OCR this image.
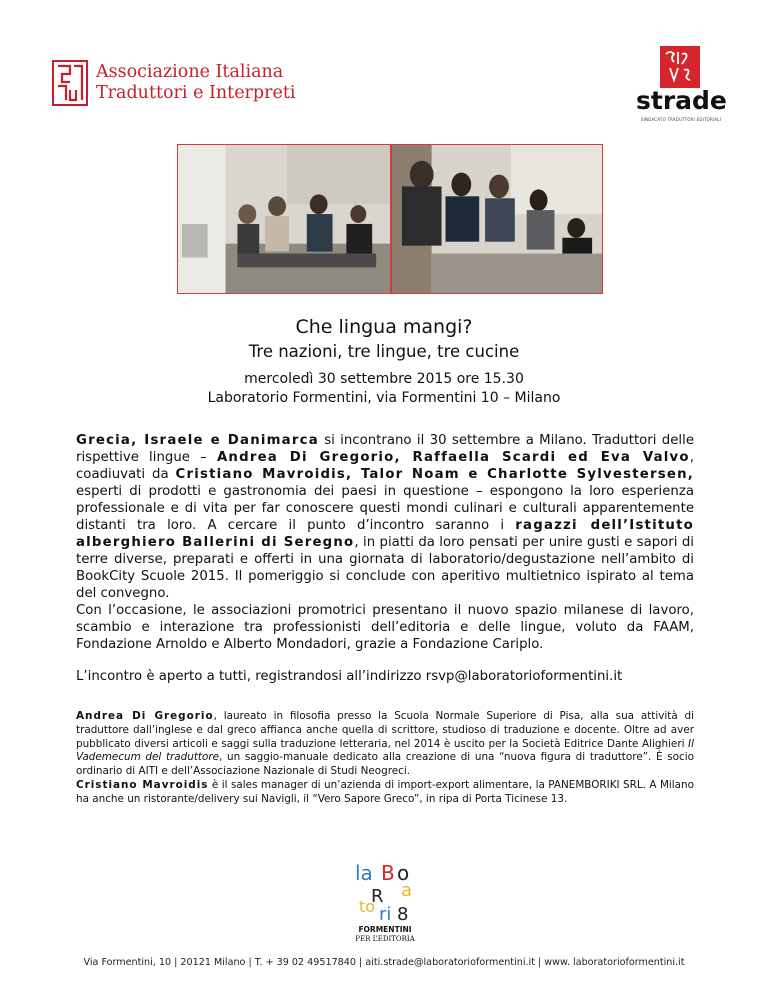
Associazione Italiana
Traduttori e Interpreti	strade
SINDACATO TRADUTTORI EDITORIALI
Che lingua mangi?
Tre nazioni, tre lingue, tre cucine
mercoledì 30 settembre 2015 ore 15.30
Laboratorio Formentini, via Formentini 10 – Milano

Grecia, Israele e Danimarca si incontrano il 30 settembre a Milano. Traduttori delle rispettive lingue – Andrea Di Gregorio, Raffaella Scardi ed Eva Valvo, coadiuvati da Cristiano Mavroidis, Talor Noam e Charlotte Sylvestersen, esperti di prodotti e gastronomia dei paesi in questione – espongono la loro esperienza professionale e di vita per far conoscere questi mondi culinari e culturali apparentemente distanti tra loro. A cercare il punto d’incontro saranno i ragazzi dell’Istituto alberghiero Ballerini di Seregno, in piatti da loro pensati per unire gusti e sapori di terre diverse, preparati e offerti in una giornata di laboratorio/degustazione nell’ambito di BookCity Scuole 2015. Il pomeriggio si conclude con aperitivo multietnico ispirato al tema del convegno.

Con l’occasione, le associazioni promotrici presentano il nuovo spazio milanese di lavoro, scambio e interazione tra professionisti dell’editoria e delle lingue, voluto da FAAM, Fondazione Arnoldo e Alberto Mondadori, grazie a Fondazione Cariplo.

L’incontro è aperto a tutti, registrandosi all’indirizzo rsvp@laboratorioformentini.it

Andrea Di Gregorio, laureato in filosofia presso la Scuola Normale Superiore di Pisa, alla sua attività di traduttore dall’inglese e dal greco affianca anche quella di scrittore, studioso di traduzione e docente. Oltre ad aver pubblicato diversi articoli e saggi sulla traduzione letteraria, nel 2014 è uscito per la Società Editrice Dante Alighieri Il Vademecum del traduttore, un saggio-manuale dedicato alla creazione di una “nuova figura di traduttore”. È socio ordinario di AITI e dell’Associazione Nazionale di Studi Neogreci.

Cristiano Mavroidis è il sales manager di un’azienda di import-export alimentare, la PANEMBORIKI SRL. A Milano ha anche un ristorante/delivery sui Navigli, il “Vero Sapore Greco”, in ripa di Porta Ticinese 13.

la B o
a
R
to ri 8
FORMENTINI
PER L’EDITORIA
Via Formentini, 10 | 20121 Milano | T. + 39 02 49517840 | aiti.strade@laboratorioformentini.it | www. laboratorioformentini.it
